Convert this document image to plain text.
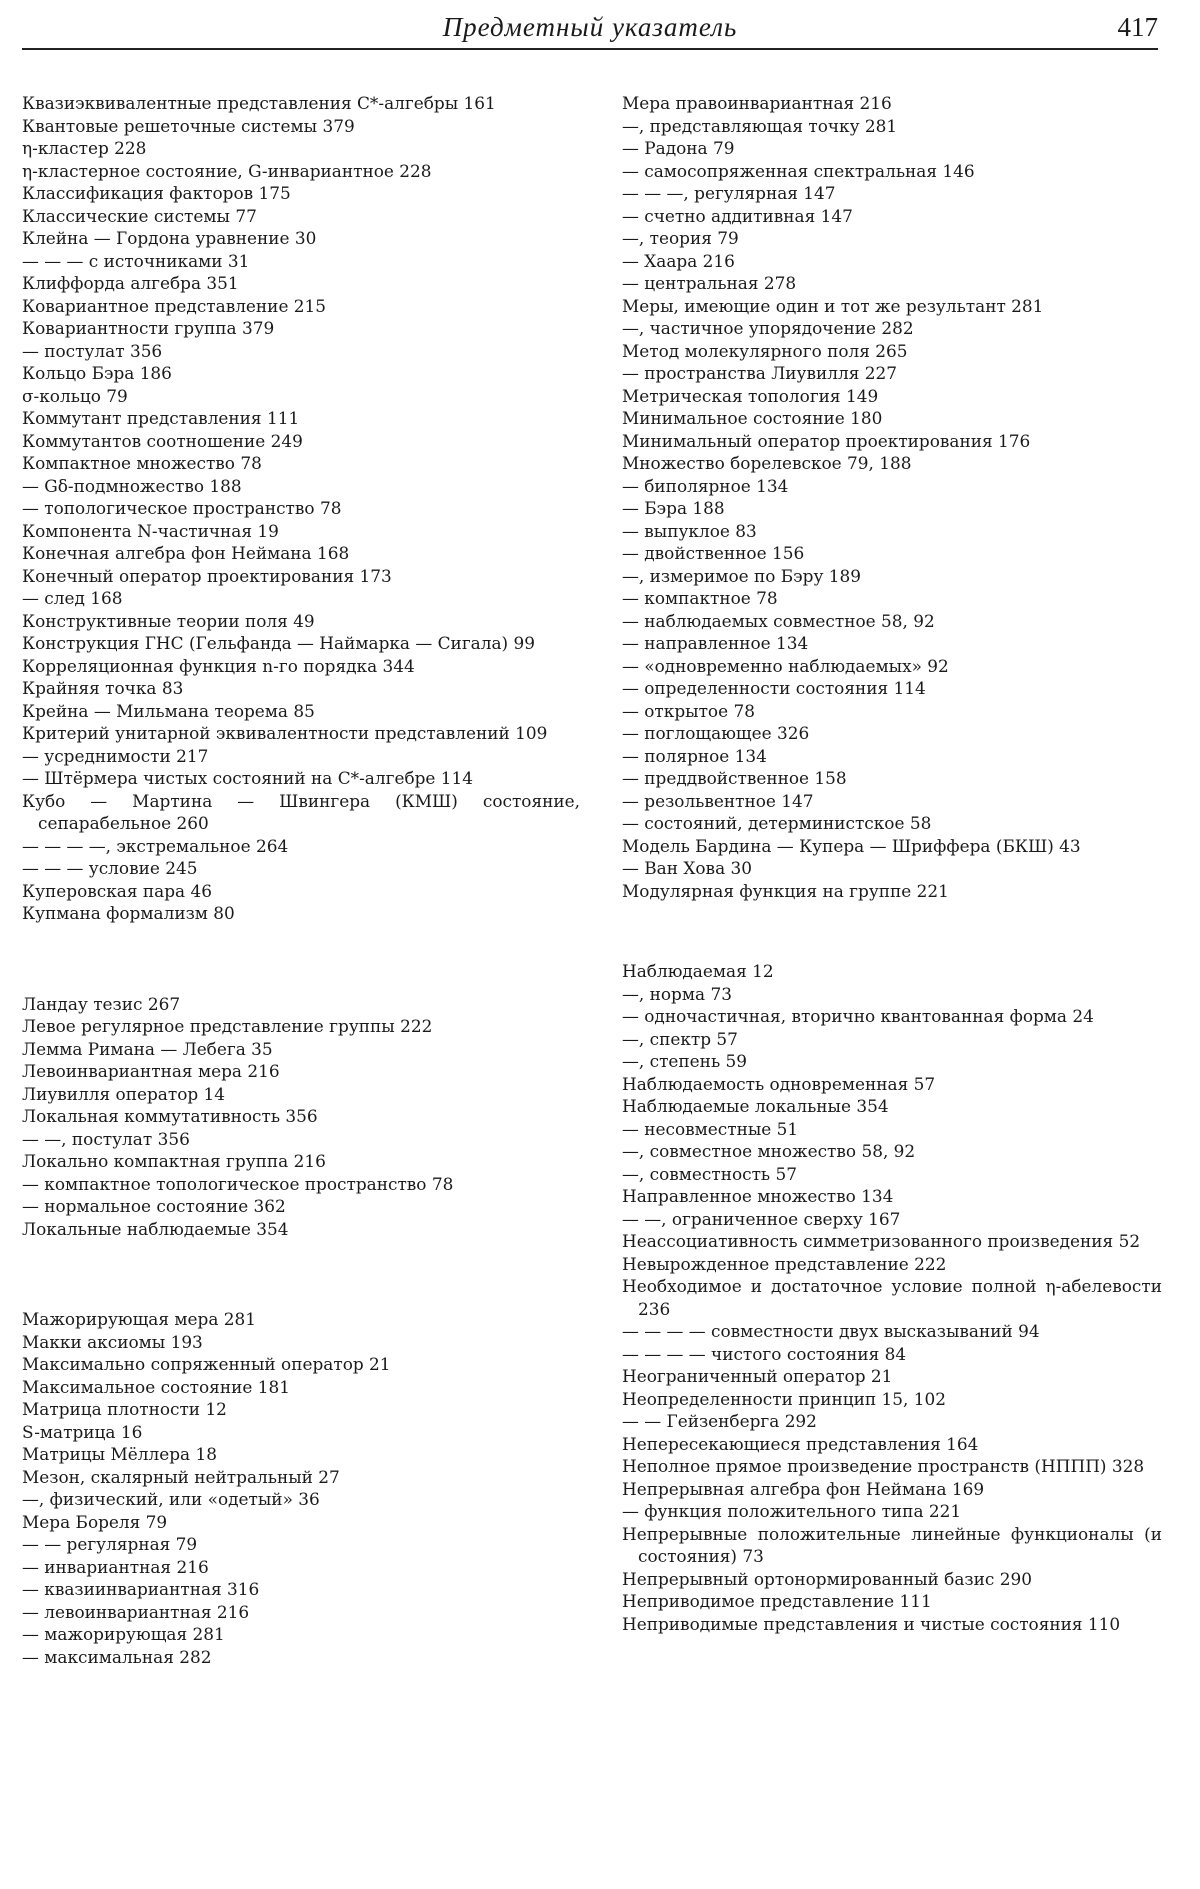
Предметный указатель	417
Квазиэквивалентные представления С*-алгебры 161
Квантовые решеточные системы 379
η-кластер 228
η-кластерное состояние, G-инвариантное 228
Классификация факторов 175
Классические системы 77
Клейна — Гордона уравнение 30
— — — с источниками 31
Клиффорда алгебра 351
Ковариантное представление 215
Ковариантности группа 379
— постулат 356
Кольцо Бэра 186
σ-кольцо 79
Коммутант представления 111
Коммутантов соотношение 249
Компактное множество 78
— Gδ-подмножество 188
— топологическое пространство 78
Компонента N-частичная 19
Конечная алгебра фон Неймана 168
Конечный оператор проектирования 173
— след 168
Конструктивные теории поля 49
Конструкция ГНС (Гельфанда — Наймарка — Сигала) 99
Корреляционная функция n-го порядка 344
Крайняя точка 83
Крейна — Мильмана теорема 85
Критерий унитарной эквивалентности представлений 109
— усреднимости 217
— Штёрмера чистых состояний на С*-алгебре 114
Кубо — Мартина — Швингера (КМШ) состояние, сепарабельное 260
— — — —, экстремальное 264
— — — условие 245
Куперовская пара 46
Купмана формализм 80
Ландау тезис 267
Левое регулярное представление группы 222
Лемма Римана — Лебега 35
Левоинвариантная мера 216
Лиувилля оператор 14
Локальная коммутативность 356
— —, постулат 356
Локально компактная группа 216
— компактное топологическое пространство 78
— нормальное состояние 362
Локальные наблюдаемые 354
Мажорирующая мера 281
Макки аксиомы 193
Максимально сопряженный оператор 21
Максимальное состояние 181
Матрица плотности 12
S-матрица 16
Матрицы Мёллера 18
Мезон, скалярный нейтральный 27
—, физический, или «одетый» 36
Мера Бореля 79
— — регулярная 79
— инвариантная 216
— квазиинвариантная 316
— левоинвариантная 216
— мажорирующая 281
— максимальная 282
Мера правоинвариантная 216
—, представляющая точку 281
— Радона 79
— самосопряженная спектральная 146
— — —, регулярная 147
— счетно аддитивная 147
—, теория 79
— Хаара 216
— центральная 278
Меры, имеющие один и тот же результант 281
—, частичное упорядочение 282
Метод молекулярного поля 265
— пространства Лиувилля 227
Метрическая топология 149
Минимальное состояние 180
Минимальный оператор проектирования 176
Множество борелевское 79, 188
— биполярное 134
— Бэра 188
— выпуклое 83
— двойственное 156
—, измеримое по Бэру 189
— компактное 78
— наблюдаемых совместное 58, 92
— направленное 134
— «одновременно наблюдаемых» 92
— определенности состояния 114
— открытое 78
— поглощающее 326
— полярное 134
— преддвойственное 158
— резольвентное 147
— состояний, детерминистское 58
Модель Бардина — Купера — Шриффера (БКШ) 43
— Ван Хова 30
Модулярная функция на группе 221
Наблюдаемая 12
—, норма 73
— одночастичная, вторично квантованная форма 24
—, спектр 57
—, степень 59
Наблюдаемость одновременная 57
Наблюдаемые локальные 354
— несовместные 51
—, совместное множество 58, 92
—, совместность 57
Направленное множество 134
— —, ограниченное сверху 167
Неассоциативность симметризованного произведения 52
Невырожденное представление 222
Необходимое и достаточное условие полной η-абелевости 236
— — — — совместности двух высказываний 94
— — — — чистого состояния 84
Неограниченный оператор 21
Неопределенности принцип 15, 102
— — Гейзенберга 292
Непересекающиеся представления 164
Неполное прямое произведение пространств (НППП) 328
Непрерывная алгебра фон Неймана 169
— функция положительного типа 221
Непрерывные положительные линейные функционалы (и состояния) 73
Непрерывный ортонормированный базис 290
Неприводимое представление 111
Неприводимые представления и чистые состояния 110
